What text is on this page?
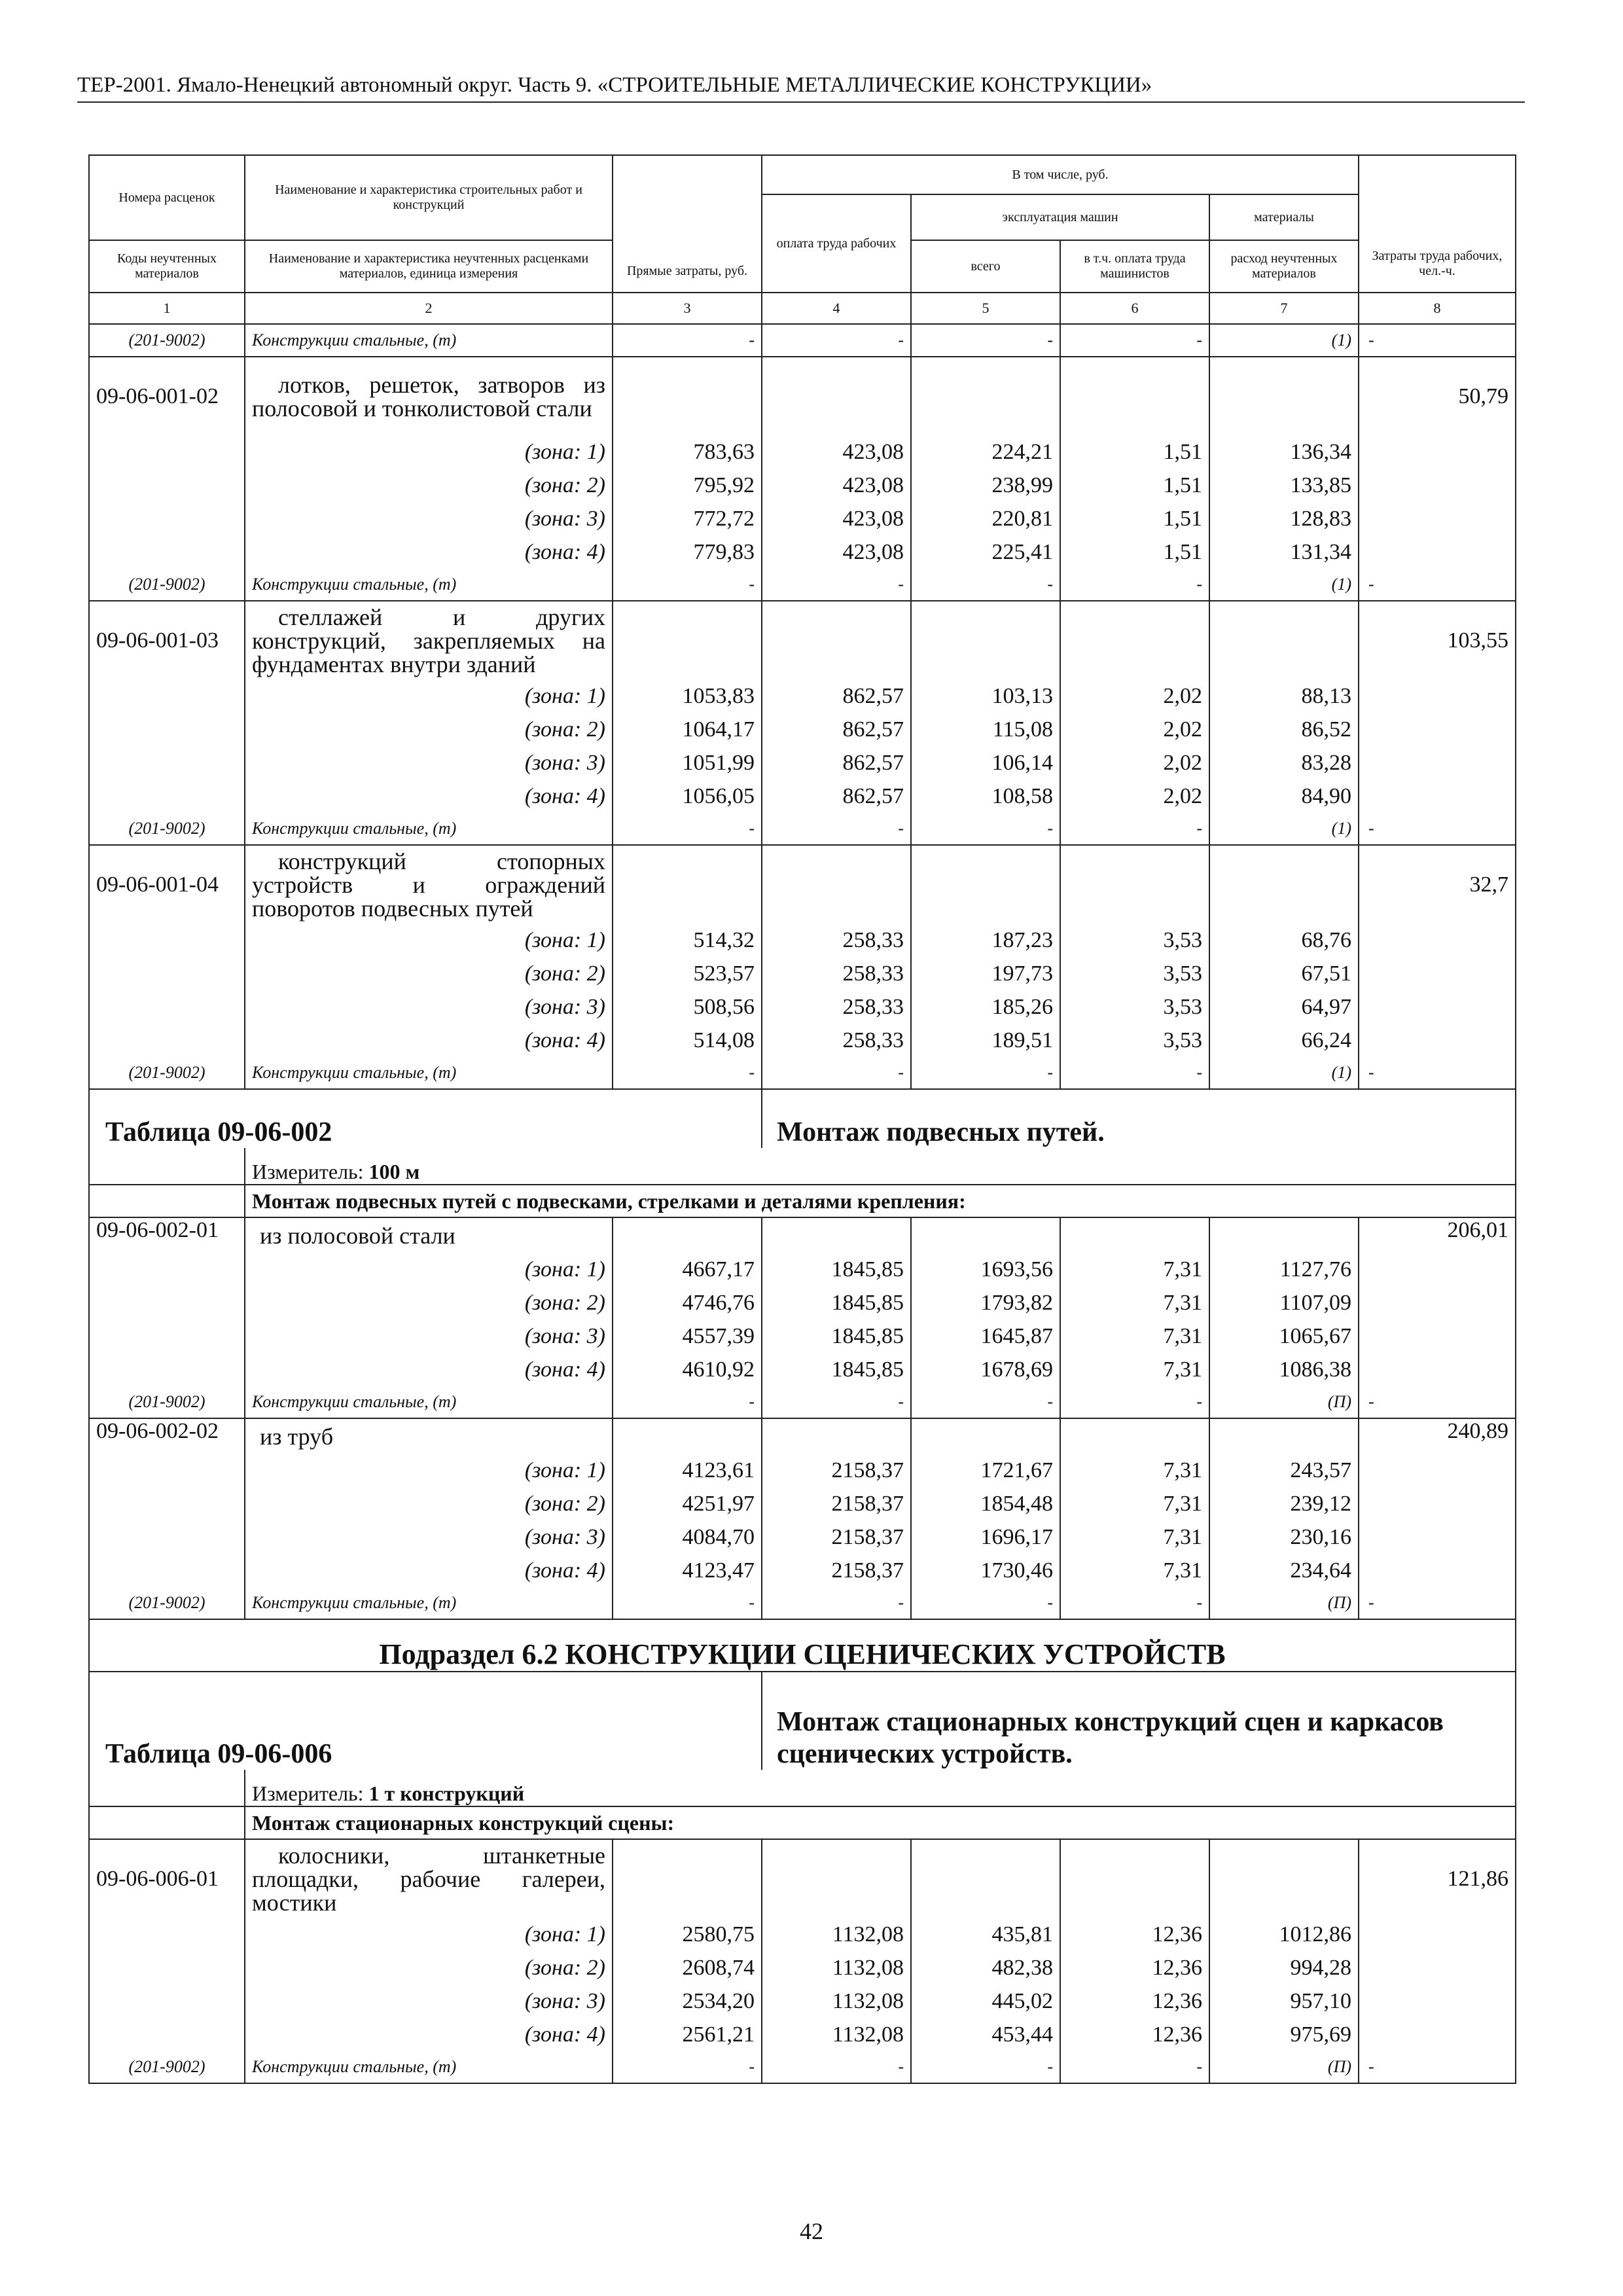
ТЕР-2001. Ямало-Ненецкий автономный округ. Часть 9. «СТРОИТЕЛЬНЫЕ МЕТАЛЛИЧЕСКИЕ КОНСТРУКЦИИ»
Номера расценок	Наименование и характеристика строительных работ и конструкций	Прямые затраты, руб.	В том числе, руб.				Затраты труда рабочих, чел.-ч.
			оплата труда рабочих	эксплуатация машин		материалы	
Коды неучтенных материалов	Наименование и характеристика неучтенных расценками материалов, единица измерения			всего	в т.ч. оплата труда машинистов	расход неучтенных материалов	

1	2	3	4	5	6	7	8
(201-9002)	Конструкции стальные, (т)	-	-	-	-	(1)	-
09-06-001-02	лотков, решеток, затворов из полосовой и тонколистовой стали						50,79
	(зона: 1)	783,63	423,08	224,21	1,51	136,34	
	(зона: 2)	795,92	423,08	238,99	1,51	133,85	
	(зона: 3)	772,72	423,08	220,81	1,51	128,83	
	(зона: 4)	779,83	423,08	225,41	1,51	131,34	
(201-9002)	Конструкции стальные, (т)	-	-	-	-	(1)	-
09-06-001-03	стеллажей и других конструкций, закрепляемых на фундаментах внутри зданий						103,55
	(зона: 1)	1053,83	862,57	103,13	2,02	88,13	
	(зона: 2)	1064,17	862,57	115,08	2,02	86,52	
	(зона: 3)	1051,99	862,57	106,14	2,02	83,28	
	(зона: 4)	1056,05	862,57	108,58	2,02	84,90	
(201-9002)	Конструкции стальные, (т)	-	-	-	-	(1)	-
09-06-001-04	конструкций стопорных устройств и ограждений поворотов подвесных путей						32,7
	(зона: 1)	514,32	258,33	187,23	3,53	68,76	
	(зона: 2)	523,57	258,33	197,73	3,53	67,51	
	(зона: 3)	508,56	258,33	185,26	3,53	64,97	
	(зона: 4)	514,08	258,33	189,51	3,53	66,24	
(201-9002)	Конструкции стальные, (т)	-	-	-	-	(1)	-
Таблица 09-06-002			Монтаж подвесных путей.				
	Измеритель: 100 м						
	Монтаж подвесных путей с подвесками, стрелками и деталями крепления:						
09-06-002-01	из полосовой стали						206,01
	(зона: 1)	4667,17	1845,85	1693,56	7,31	1127,76	
	(зона: 2)	4746,76	1845,85	1793,82	7,31	1107,09	
	(зона: 3)	4557,39	1845,85	1645,87	7,31	1065,67	
	(зона: 4)	4610,92	1845,85	1678,69	7,31	1086,38	
(201-9002)	Конструкции стальные, (т)	-	-	-	-	(П)	-
09-06-002-02	из труб						240,89
	(зона: 1)	4123,61	2158,37	1721,67	7,31	243,57	
	(зона: 2)	4251,97	2158,37	1854,48	7,31	239,12	
	(зона: 3)	4084,70	2158,37	1696,17	7,31	230,16	
	(зона: 4)	4123,47	2158,37	1730,46	7,31	234,64	
(201-9002)	Конструкции стальные, (т)	-	-	-	-	(П)	-
Подраздел 6.2 КОНСТРУКЦИИ СЦЕНИЧЕСКИХ УСТРОЙСТВ							
Таблица 09-06-006			Монтаж стационарных конструкций сцен и каркасов сценических устройств.				
	Измеритель: 1 т конструкций						
	Монтаж стационарных конструкций сцены:						
09-06-006-01	колосники, штанкетные площадки, рабочие галереи, мостики						121,86
	(зона: 1)	2580,75	1132,08	435,81	12,36	1012,86	
	(зона: 2)	2608,74	1132,08	482,38	12,36	994,28	
	(зона: 3)	2534,20	1132,08	445,02	12,36	957,10	
	(зона: 4)	2561,21	1132,08	453,44	12,36	975,69	
(201-9002)	Конструкции стальные, (т)	-	-	-	-	(П)	-
42
